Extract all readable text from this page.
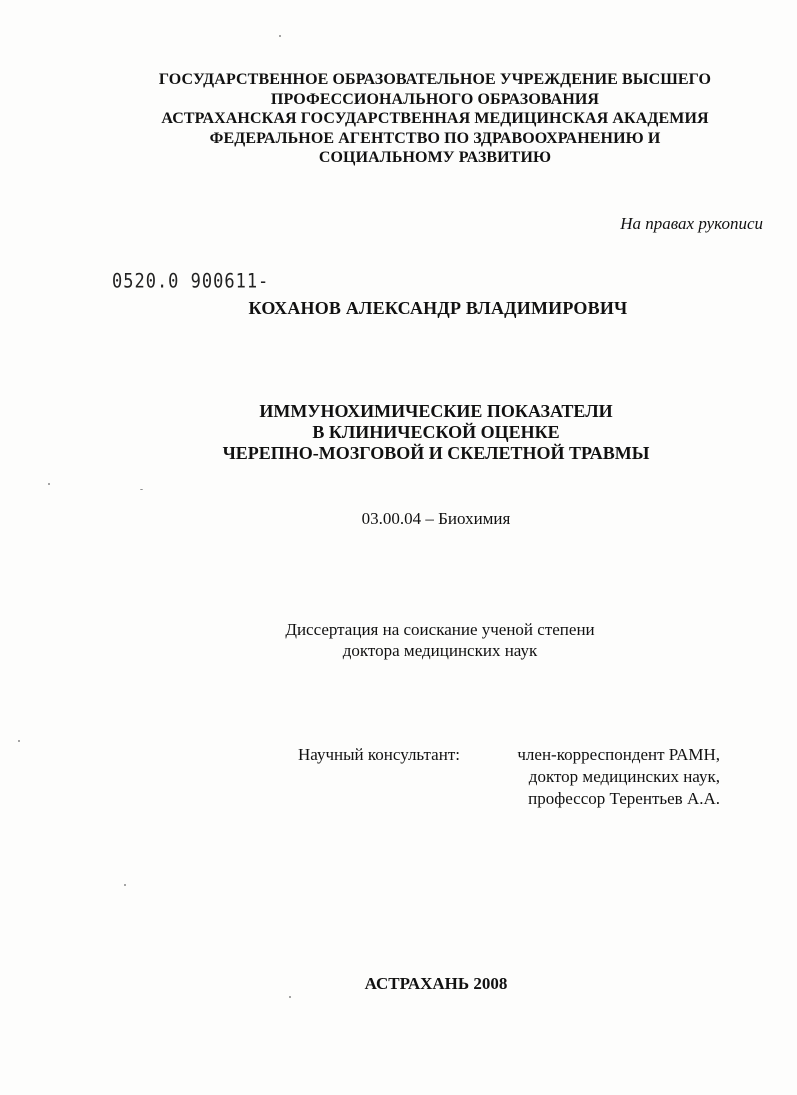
ГОСУДАРСТВЕННОЕ ОБРАЗОВАТЕЛЬНОЕ УЧРЕЖДЕНИЕ ВЫСШЕГО
ПРОФЕССИОНАЛЬНОГО ОБРАЗОВАНИЯ
АСТРАХАНСКАЯ ГОСУДАРСТВЕННАЯ МЕДИЦИНСКАЯ АКАДЕМИЯ
ФЕДЕРАЛЬНОЕ АГЕНТСТВО ПО ЗДРАВООХРАНЕНИЮ И
СОЦИАЛЬНОМУ РАЗВИТИЮ
На правах рукописи
0520.0 900611-
КОХАНОВ АЛЕКСАНДР ВЛАДИМИРОВИЧ
ИММУНОХИМИЧЕСКИЕ ПОКАЗАТЕЛИ
В КЛИНИЧЕСКОЙ ОЦЕНКЕ
ЧЕРЕПНО-МОЗГОВОЙ И СКЕЛЕТНОЙ ТРАВМЫ
03.00.04 – Биохимия
Диссертация на соискание ученой степени
доктора медицинских наук
Научный консультант:	член-корреспондент РАМН,
доктор медицинских наук,
профессор Терентьев А.А.
АСТРАХАНЬ 2008
